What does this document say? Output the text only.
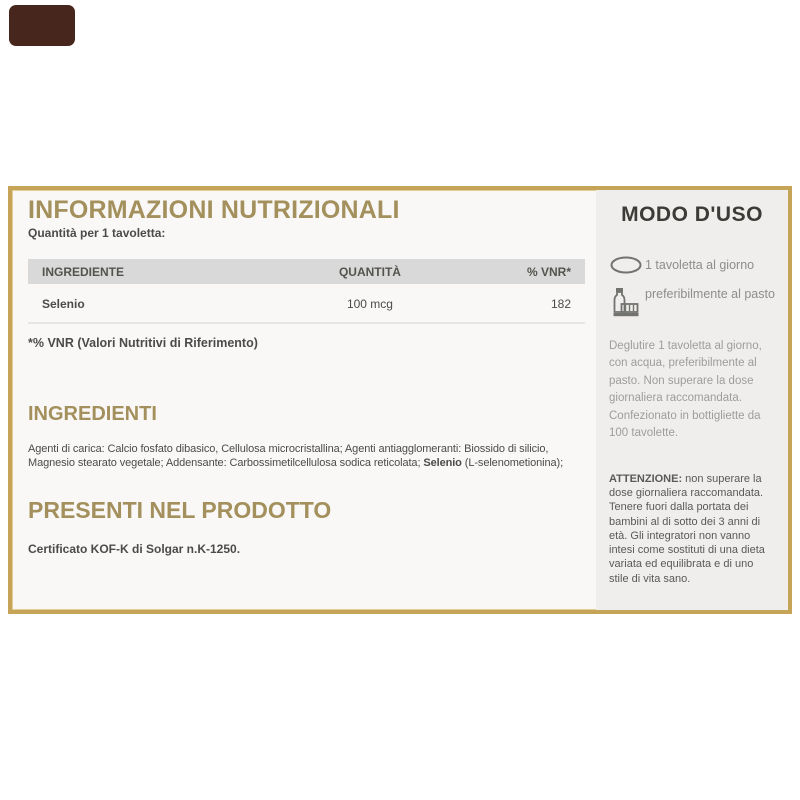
INFORMAZIONI NUTRIZIONALI
Quantità per 1 tavoletta:
INGREDIENTE	QUANTITÀ	% VNR*
Selenio	100 mcg	182
*% VNR (Valori Nutritivi di Riferimento)
INGREDIENTI

Agenti di carica: Calcio fosfato dibasico, Cellulosa microcristallina; Agenti antiagglomeranti: Biossido di silicio, Magnesio stearato vegetale; Addensante: Carbossimetilcellulosa sodica reticolata; Selenio (L-selenometionina);

PRESENTI NEL PRODOTTO
Certificato KOF-K di Solgar n.K-1250.
MODO D'USO
1 tavoletta al giorno
preferibilmente al pasto

Deglutire 1 tavoletta al giorno, con acqua, preferibilmente al pasto. Non superare la dose giornaliera raccomandata. Confezionato in bottigliette da 100 tavolette.

ATTENZIONE: non superare la dose giornaliera raccomandata. Tenere fuori dalla portata dei bambini al di sotto dei 3 anni di età. Gli integratori non vanno intesi come sostituti di una dieta variata ed equilibrata e di uno stile di vita sano.
